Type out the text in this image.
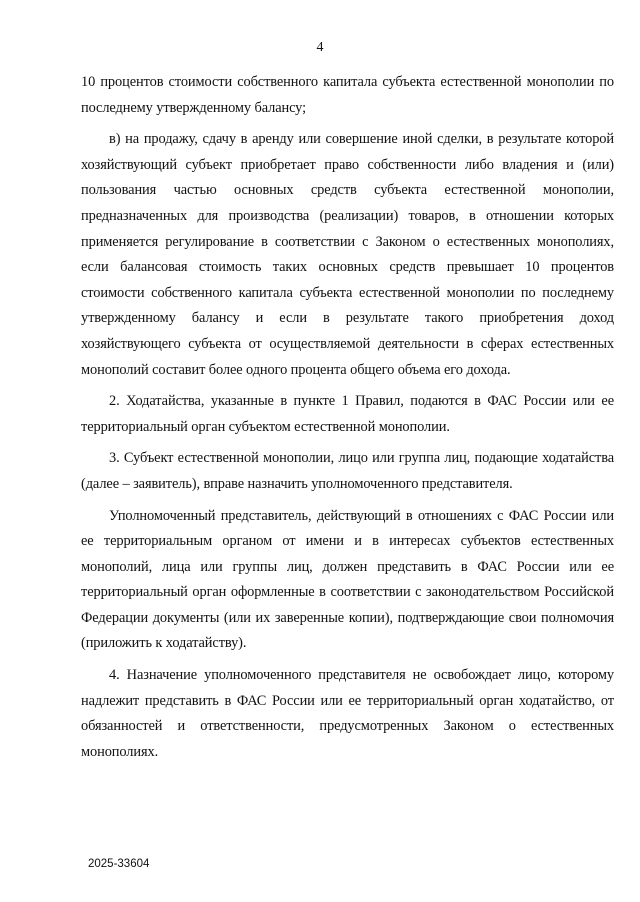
4

10 процентов стоимости собственного капитала субъекта естественной монополии по последнему утвержденному балансу;

в) на продажу, сдачу в аренду или совершение иной сделки, в результате которой хозяйствующий субъект приобретает право собственности либо владения и (или) пользования частью основных средств субъекта естественной монополии, предназначенных для производства (реализации) товаров, в отношении которых применяется регулирование в соответствии с Законом о естественных монополиях, если балансовая стоимость таких основных средств превышает 10 процентов стоимости собственного капитала субъекта естественной монополии по последнему утвержденному балансу и если в результате такого приобретения доход хозяйствующего субъекта от осуществляемой деятельности в сферах естественных монополий составит более одного процента общего объема его дохода.

2. Ходатайства, указанные в пункте 1 Правил, подаются в ФАС России или ее территориальный орган субъектом естественной монополии.

3. Субъект естественной монополии, лицо или группа лиц, подающие ходатайства (далее – заявитель), вправе назначить уполномоченного представителя.

Уполномоченный представитель, действующий в отношениях с ФАС России или ее территориальным органом от имени и в интересах субъектов естественных монополий, лица или группы лиц, должен представить в ФАС России или ее территориальный орган оформленные в соответствии с законодательством Российской Федерации документы (или их заверенные копии), подтверждающие свои полномочия (приложить к ходатайству).

4. Назначение уполномоченного представителя не освобождает лицо, которому надлежит представить в ФАС России или ее территориальный орган ходатайство, от обязанностей и ответственности, предусмотренных Законом о естественных монополиях.

2025-33604
